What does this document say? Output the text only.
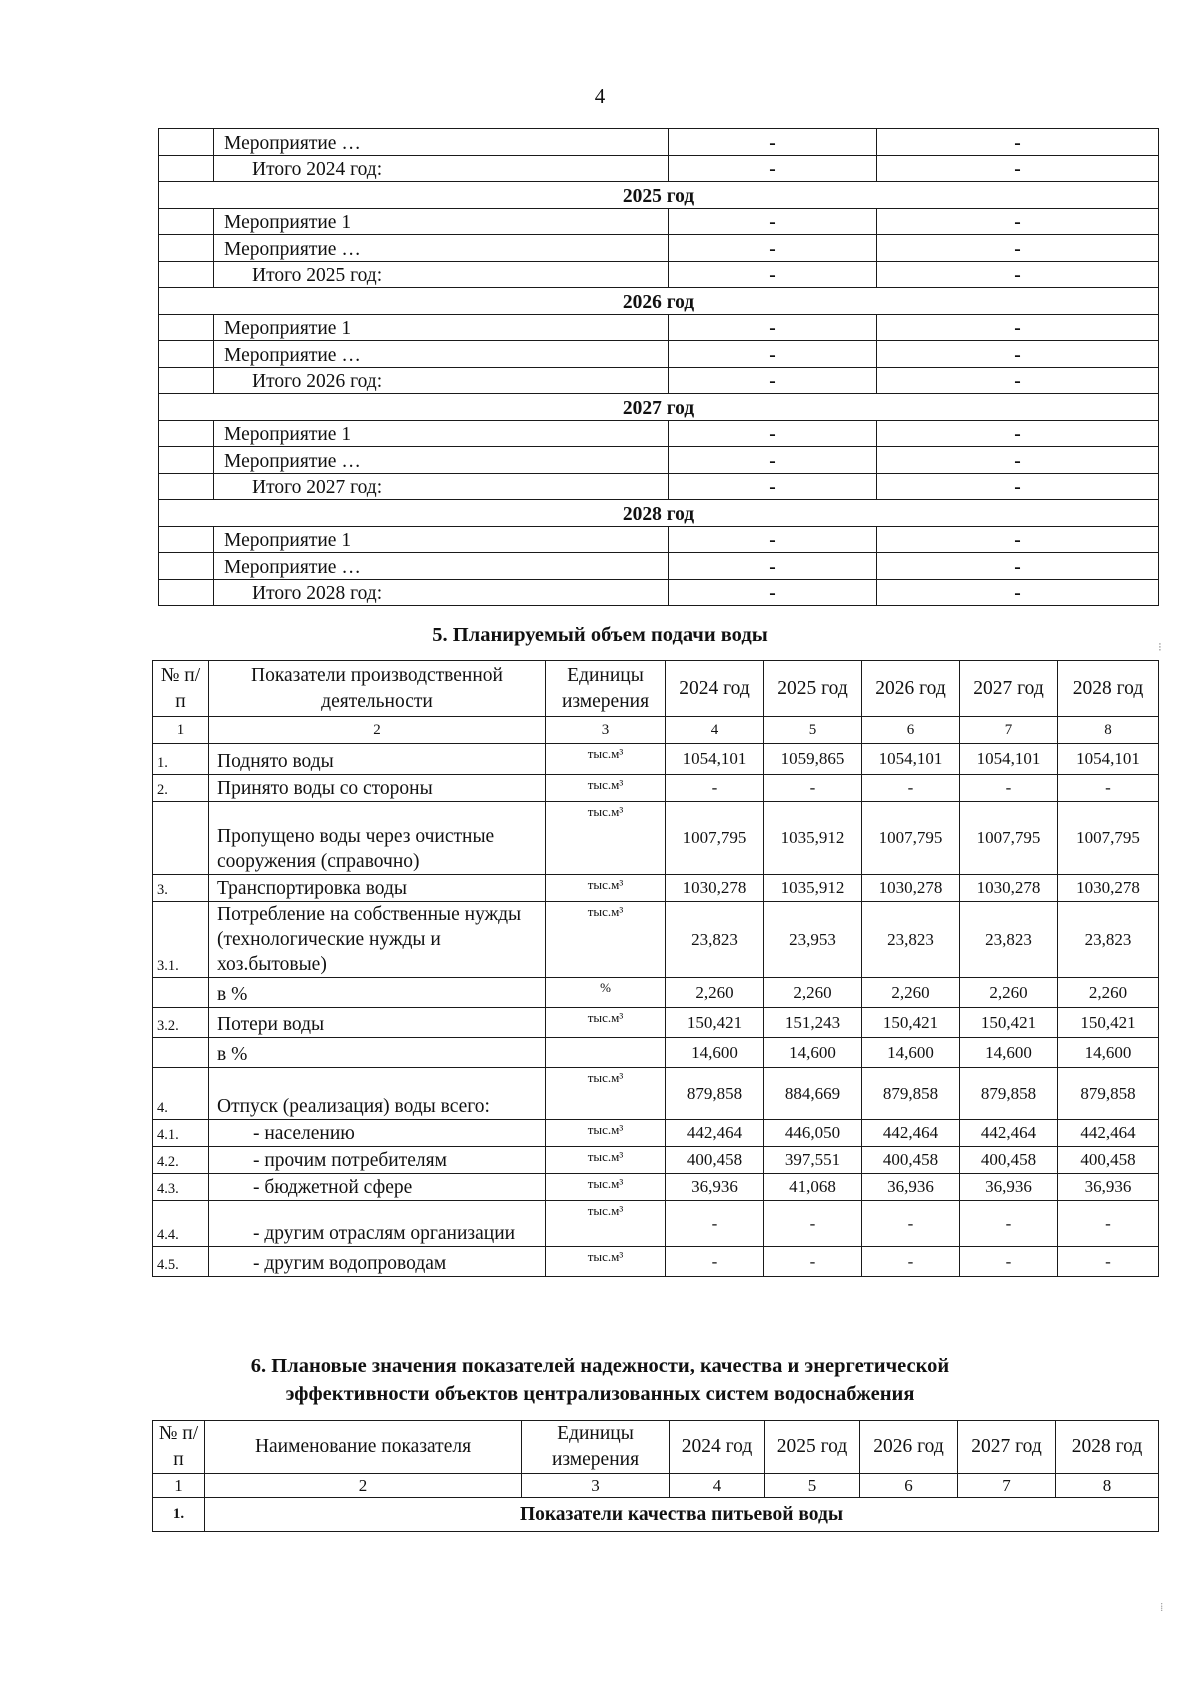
4
	Мероприятие …	-	-
	Итого 2024 год:	-	-
2025 год			
	Мероприятие 1	-	-
	Мероприятие …	-	-
	Итого 2025 год:	-	-
2026 год			
	Мероприятие 1	-	-
	Мероприятие …	-	-
	Итого 2026 год:	-	-
2027 год			
	Мероприятие 1	-	-
	Мероприятие …	-	-
	Итого 2027 год:	-	-
2028 год			
	Мероприятие 1	-	-
	Мероприятие …	-	-
	Итого 2028 год:	-	-
5. Планируемый объем подачи воды
№ п/п	Показатели производственной деятельности	Единицы измерения	2024 год	2025 год	2026 год	2027 год	2028 год
1	2	3	4	5	6	7	8
1.	Поднято воды	тыс.м³	1054,101	1059,865	1054,101	1054,101	1054,101
2.	Принято воды со стороны	тыс.м³	-	-	-	-	-
	Пропущено воды через очистные сооружения (справочно)	тыс.м³	1007,795	1035,912	1007,795	1007,795	1007,795
3.	Транспортировка воды	тыс.м³	1030,278	1035,912	1030,278	1030,278	1030,278
3.1.	Потребление на собственные нужды (технологические нужды и хоз.бытовые)	тыс.м³	23,823	23,953	23,823	23,823	23,823
	в %	%	2,260	2,260	2,260	2,260	2,260
3.2.	Потери воды	тыс.м³	150,421	151,243	150,421	150,421	150,421
	в %		14,600	14,600	14,600	14,600	14,600
4.	Отпуск (реализация) воды всего:	тыс.м³	879,858	884,669	879,858	879,858	879,858
4.1.	- населению	тыс.м³	442,464	446,050	442,464	442,464	442,464
4.2.	- прочим потребителям	тыс.м³	400,458	397,551	400,458	400,458	400,458
4.3.	- бюджетной сфере	тыс.м³	36,936	41,068	36,936	36,936	36,936
4.4.	- другим отраслям организации	тыс.м³	-	-	-	-	-
4.5.	- другим водопроводам	тыс.м³	-	-	-	-	-
6. Плановые значения показателей надежности, качества и энергетической
эффективности объектов централизованных систем водоснабжения
№ п/п	Наименование показателя	Единицы измерения	2024 год	2025 год	2026 год	2027 год	2028 год
1	2	3	4	5	6	7	8
1.	Показатели качества питьевой воды						
⁝
⁞
